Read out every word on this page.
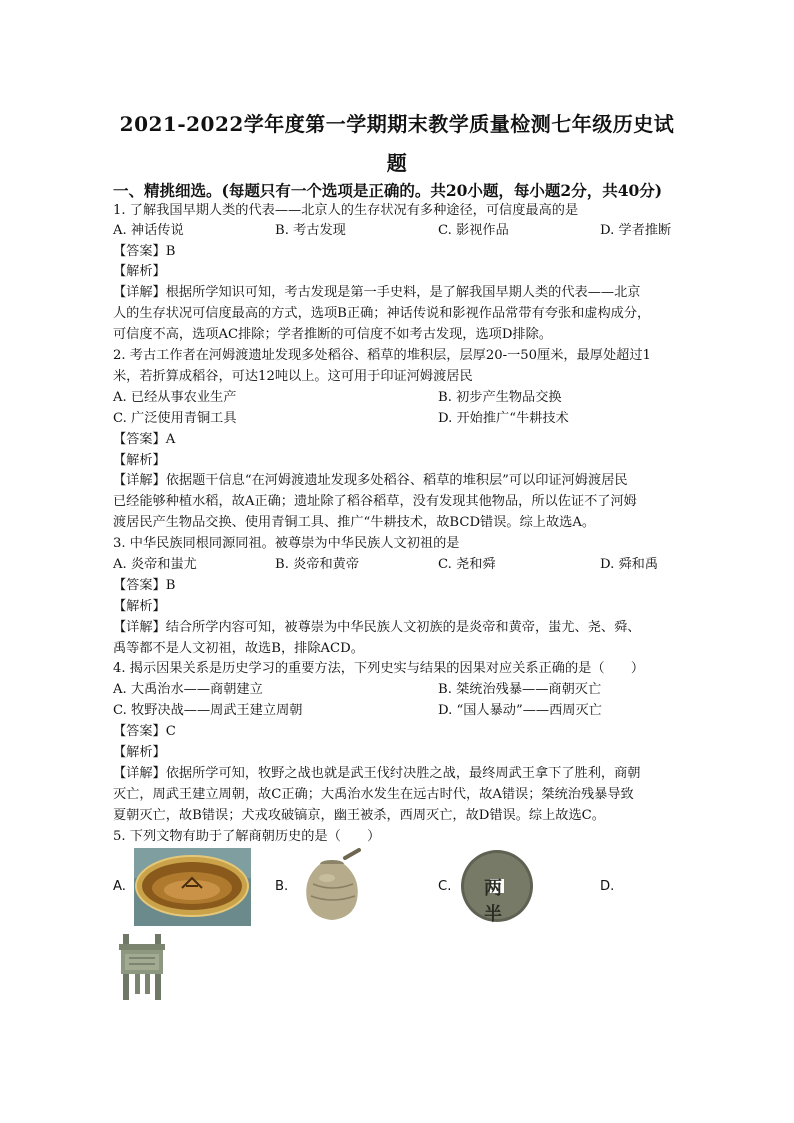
2021-2022学年度第一学期期末教学质量检测七年级历史试
题
一、精挑细选。(每题只有一个选项是正确的。共20小题，每小题2分，共40分)
1. 了解我国早期人类的代表——北京人的生存状况有多种途径，可信度最高的是
A. 神话传说	B. 考古发现	C. 影视作品	D. 学者推断
【答案】B
【解析】
【详解】根据所学知识可知，考古发现是第一手史料，是了解我国早期人类的代表——北京
人的生存状况可信度最高的方式，选项B正确；神话传说和影视作品常带有夸张和虚构成分，
可信度不高，选项AC排除；学者推断的可信度不如考古发现，选项D排除。
2. 考古工作者在河姆渡遗址发现多处稻谷、稻草的堆积层，层厚20-一50厘米，最厚处超过1
米，若折算成稻谷，可达12吨以上。这可用于印证河姆渡居民
A. 已经从事农业生产	B. 初步产生物品交换
C. 广泛使用青铜工具	D. 开始推广“牛耕技术
【答案】A
【解析】
【详解】依据题干信息“在河姆渡遗址发现多处稻谷、稻草的堆积层”可以印证河姆渡居民
已经能够种植水稻，故A正确；遗址除了稻谷稻草，没有发现其他物品，所以佐证不了河姆
渡居民产生物品交换、使用青铜工具、推广“牛耕技术，故BCD错误。综上故选A。
3. 中华民族同根同源同祖。被尊崇为中华民族人文初祖的是
A. 炎帝和蚩尤	B. 炎帝和黄帝	C. 尧和舜	D. 舜和禹
【答案】B
【解析】
【详解】结合所学内容可知，被尊崇为中华民族人文初族的是炎帝和黄帝，蚩尤、尧、舜、
禹等都不是人文初祖，故选B，排除ACD。
4. 揭示因果关系是历史学习的重要方法，下列史实与结果的因果对应关系正确的是（　　）
A. 大禹治水——商朝建立	B. 桀统治残暴——商朝灭亡
C. 牧野决战——周武王建立周朝	D. “国人暴动”——西周灭亡
【答案】C
【解析】
【详解】依据所学可知，牧野之战也就是武王伐纣决胜之战，最终周武王拿下了胜利，商朝
灭亡，周武王建立周朝，故C正确；大禹治水发生在远古时代，故A错误；桀统治残暴导致
夏朝灭亡，故B错误；犬戎攻破镐京，幽王被杀，西周灭亡，故D错误。综上故选C。
5. 下列文物有助于了解商朝历史的是（　　）
A.	B.	C.	两 半
D.
